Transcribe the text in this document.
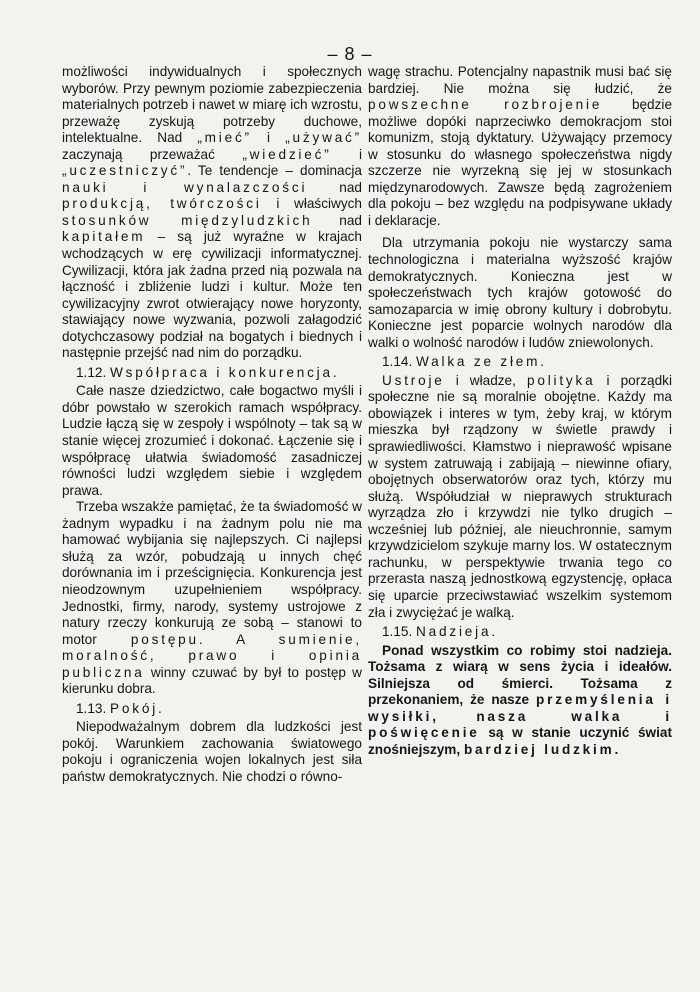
– 8 –

możliwości indywidualnych i społecznych wyborów. Przy pewnym poziomie zabezpieczenia materialnych potrzeb i nawet w miarę ich wzrostu, przeważę zyskują potrzeby duchowe, intelektualne. Nad „mieć” i „używać” zaczynają przeważać „wiedzieć” i „uczestniczyć”. Te tendencje – dominacja nauki i wynalazczości nad produkcją, twórczości i właściwych stosunków międzyludzkich nad kapitałem – są już wyraźne w krajach wchodzących w erę cywilizacji informatycznej. Cywilizacji, która jak żadna przed nią pozwala na łączność i zbliżenie ludzi i kultur. Może ten cywilizacyjny zwrot otwierający nowe horyzonty, stawiający nowe wyzwania, pozwoli załagodzić dotychczasowy podział na bogatych i biednych i następnie przejść nad nim do porządku.

1.12. Współpraca i konkurencja.

Całe nasze dziedzictwo, całe bogactwo myśli i dóbr powstało w szerokich ramach współpracy. Ludzie łączą się w zespoły i wspólnoty – tak są w stanie więcej zrozumieć i dokonać. Łączenie się i współpracę ułatwia świadomość zasadniczej równości ludzi względem siebie i względem prawa.

Trzeba wszakże pamiętać, że ta świadomość w żadnym wypadku i na żadnym polu nie ma hamować wybijania się najlepszych. Ci najlepsi służą za wzór, pobudzają u innych chęć dorównania im i prześcignięcia. Konkurencja jest nieodzownym uzupełnieniem współpracy. Jednostki, firmy, narody, systemy ustrojowe z natury rzeczy konkurują ze sobą – stanowi to motor postępu. A sumienie, moralność, prawo i opinia publiczna winny czuwać by był to postęp w kierunku dobra.

1.13. Pokój.

Niepodważalnym dobrem dla ludzkości jest pokój. Warunkiem zachowania światowego pokoju i ograniczenia wojen lokalnych jest siła państw demokratycznych. Nie chodzi o równo-

wagę strachu. Potencjalny napastnik musi bać się bardziej. Nie można się łudzić, że powszechne rozbrojenie będzie możliwe dopóki naprzeciwko demokracjom stoi komunizm, stoją dyktatury. Używający przemocy w stosunku do własnego społeczeństwa nigdy szczerze nie wyrzekną się jej w stosunkach międzynarodowych. Zawsze będą zagrożeniem dla pokoju – bez względu na podpisywane układy i deklaracje.

Dla utrzymania pokoju nie wystarczy sama technologiczna i materialna wyższość krajów demokratycznych. Konieczna jest w społeczeństwach tych krajów gotowość do samozaparcia w imię obrony kultury i dobrobytu. Konieczne jest poparcie wolnych narodów dla walki o wolność narodów i ludów zniewolonych.

1.14. Walka ze złem.

Ustroje i władze, polityka i porządki społeczne nie są moralnie obojętne. Każdy ma obowiązek i interes w tym, żeby kraj, w którym mieszka był rządzony w świetle prawdy i sprawiedliwości. Kłamstwo i nieprawość wpisane w system zatruwają i zabijają – niewinne ofiary, obojętnych obserwatorów oraz tych, którzy mu służą. Współudział w nieprawych strukturach wyrządza zło i krzywdzi nie tylko drugich – wcześniej lub później, ale nieuchronnie, samym krzywdzicielom szykuje marny los. W ostatecznym rachunku, w perspektywie trwania tego co przerasta naszą jednostkową egzystencję, opłaca się uparcie przeciwstawiać wszelkim systemom zła i zwyciężać je walką.

1.15. Nadzieja.

Ponad wszystkim co robimy stoi nadzieja. Tożsama z wiarą w sens życia i ideałów. Silniejsza od śmierci. Tożsama z przekonaniem, że nasze przemyślenia i wysiłki, nasza walka i poświęcenie są w stanie uczynić świat znośniejszym, bardziej ludzkim.
